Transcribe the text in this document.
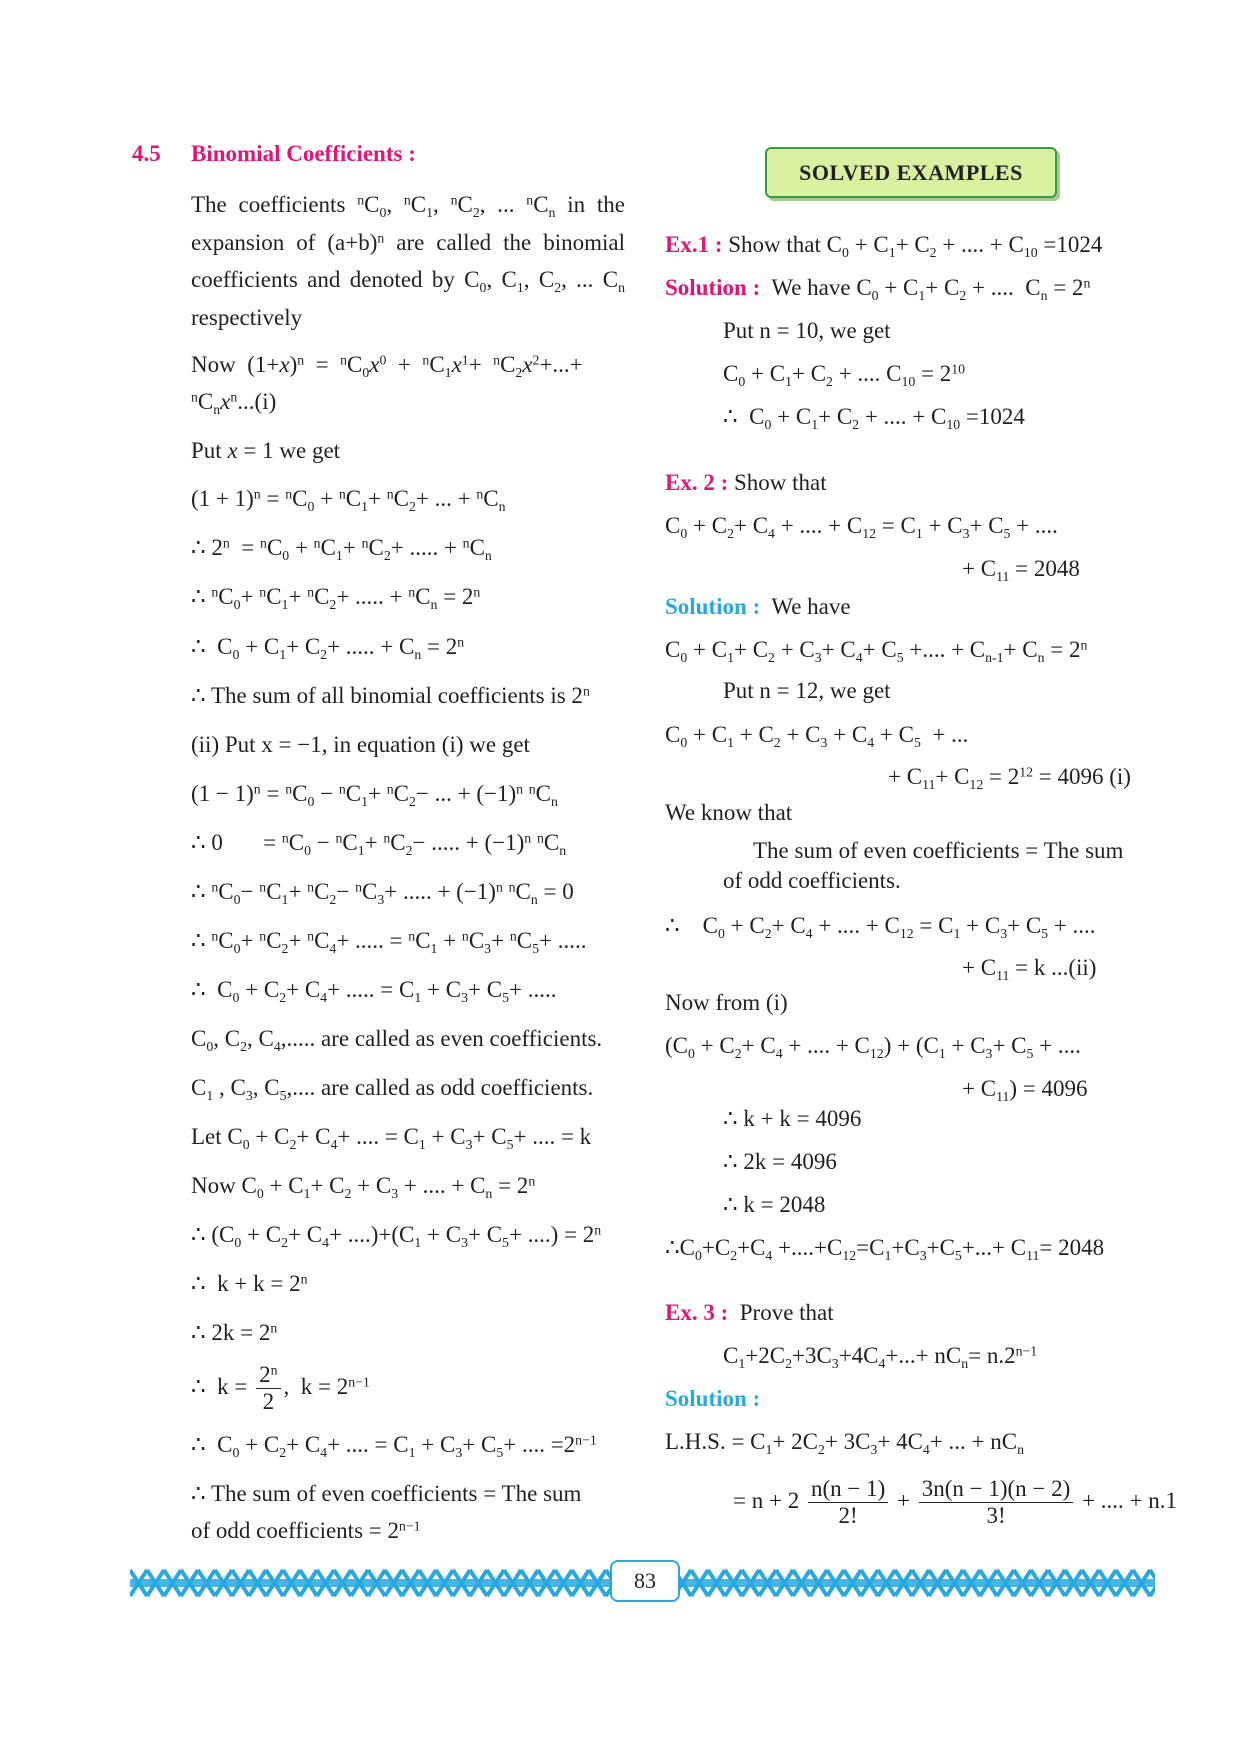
4.5 Binomial Coefficients :
The coefficients $^nC_0$, $^nC_1$, $^nC_2$, ... $^nC_n$ in the expansion of $(a+b)^n$ are called the binomial coefficients and denoted by $C_0$, $C_1$, $C_2$, ... $C_n$ respectively
Now  $(1+x)^n = ^nC_0x^0 + ^nC_1x^1+ ^nC_2x^2+...+$
$^nC_nx^n...(i)$
Put x = 1 we get
$(1 + 1)^n = ^nC_0 + ^nC_1+ ^nC_2+$ ... + $^nC_n$
∴ $2^n = ^nC_0 + ^nC_1+ ^nC_2+$ ..... + $^nC_n$
∴ $^nC_0+ ^nC_1+ ^nC_2+$ ..... + $^nC_n = 2^n$
∴  $C_0 + C_1+ C_2+$ ..... + $C_n = 2^n$
∴ The sum of all binomial coefficients is 2$^n$
(ii) Put x = −1, in equation (i) we get
$(1 - 1)^n = ^nC_0 - ^nC_1+ ^nC_2-$ ... + $(-1)^n$ $^nC_n$
∴ 0       = $^nC_0 - ^nC_1+ ^nC_2-$ ..... + $(-1)^n$ $^nC_n$
∴ $^nC_0- ^nC_1+ ^nC_2- ^nC_3+$ ..... + $(-1)^n$ $^nC_n = 0$
∴ $^nC_0+ ^nC_2+ ^nC_4+$ ..... = $^nC_1 + ^nC_3+ ^nC_5+$ .....
∴  $C_0 + C_2+ C_4+$ ..... = $C_1 + C_3+ C_5+$ .....
$C_0$, $C_2$, $C_4$,..... are called as even coefficients.
$C_1$ , $C_3$, $C_5$,.... are called as odd coefficients.
Let $C_0 + C_2+ C_4+$ .... = $C_1 + C_3+ C_5+$ .... = k
Now $C_0 + C_1+ C_2 + C_3$ + .... + $C_n = 2^n$
∴ $(C_0 + C_2+ C_4+ ....)+(C_1 + C_3+ C_5+$ ....) = $2^n$
∴  $k + k = 2^n$
∴ $2k = 2^n$
∴  $k = \frac{2^n}{2}$ ,  $k = 2^{n-1}$
∴  $C_0 + C_2+ C_4+$ .... = $C_1 + C_3+ C_5+$ .... $=2^{n-1}$
∴ The sum of even coefficients = The sum
of odd coefficients = $2^{n-1}$
SOLVED EXAMPLES
Ex.1 : Show that $C_0 + C_1+ C_2$ + .... + $C_{10} =1024$
Solution : We have $C_0 + C_1+ C_2$ + ....  $C_n = 2^n$
Put n = 10, we get
$C_0 + C_1+ C_2$ + .... $C_{10} = 2^{10}$
∴  $C_0 + C_1+ C_2$ + .... + $C_{10} =1024$
Ex. 2 : Show that
$C_0 + C_2+ C_4$ + .... + $C_{12} = C_1 + C_3+ C_5$ + ....
+ $C_{11} = 2048$
Solution : We have
$C_0 + C_1+ C_2 + C_3+ C_4+ C_5$ +.... + $C_{n-1}+ C_n = 2^n$
Put n = 12, we get
$C_0 + C_1 + C_2 + C_3 + C_4 + C_5$  + ...
+ $C_{11}+ C_{12} = 2^{12} = 4096$ (i)
We know that
The sum of even coefficients = The sum
of odd coefficients.
∴    $C_0 + C_2+ C_4$ + .... + $C_{12} = C_1 + C_3+ C_5$ + ....
+ $C_{11} = k$ ...(ii)
Now from (i)
($C_0 + C_2+ C_4$ + .... + $C_{12}) + (C_1 + C_3+ C_5$ + ....
+ $C_{11}) = 4096$
∴ k + k = 4096
∴ 2k = 4096
∴ k = 2048
$\therefore C_0+C_2+C_4 +....+C_{12}=C_1+C_3+C_5+...+ C_{11}= 2048$
Ex. 3 : Prove that
$C_1+2C_2+3C_3+4C_4+...+ nC_n= n.2^{n-1}$
Solution :
L.H.S. = $C_1+ 2C_2+ 3C_3+ 4C_4+$ ... + $nC_n$
= $n + 2 \frac{n(n - 1)}{2!} + \frac{3n(n - 1)(n - 2)}{3!}$ + .... + n.1
83
